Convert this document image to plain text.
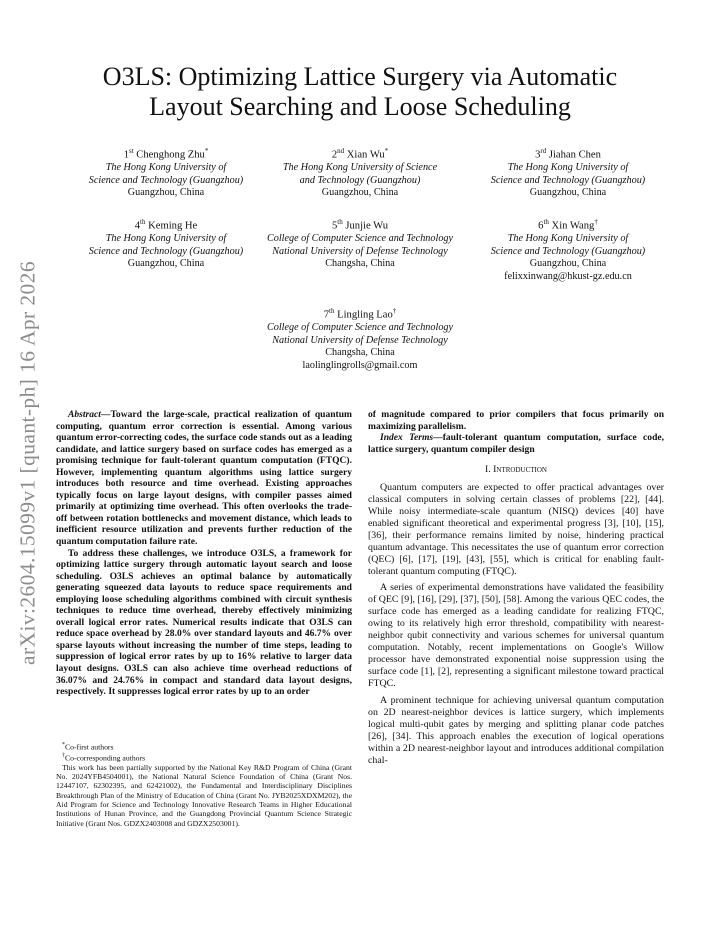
arXiv:2604.15099v1 [quant-ph] 16 Apr 2026
O3LS: Optimizing Lattice Surgery via Automatic
Layout Searching and Loose Scheduling
1st Chenghong Zhu*
The Hong Kong University of
Science and Technology (Guangzhou)
Guangzhou, China
2nd Xian Wu*
The Hong Kong University of Science
and Technology (Guangzhou)
Guangzhou, China
3rd Jiahan Chen
The Hong Kong University of
Science and Technology (Guangzhou)
Guangzhou, China
4th Keming He
The Hong Kong University of
Science and Technology (Guangzhou)
Guangzhou, China
5th Junjie Wu
College of Computer Science and Technology
National University of Defense Technology
Changsha, China
6th Xin Wang†
The Hong Kong University of
Science and Technology (Guangzhou)
Guangzhou, China
felixxinwang@hkust-gz.edu.cn
7th Lingling Lao†
College of Computer Science and Technology
National University of Defense Technology
Changsha, China
laolinglingrolls@gmail.com

Abstract—Toward the large-scale, practical realization of quantum computing, quantum error correction is essential. Among various quantum error-correcting codes, the surface code stands out as a leading candidate, and lattice surgery based on surface codes has emerged as a promising technique for fault-tolerant quantum computation (FTQC). However, implementing quantum algorithms using lattice surgery introduces both resource and time overhead. Existing approaches typically focus on large layout designs, with compiler passes aimed primarily at optimizing time overhead. This often overlooks the trade-off between rotation bottlenecks and movement distance, which leads to inefficient resource utilization and prevents further reduction of the quantum computation failure rate.

To address these challenges, we introduce O3LS, a framework for optimizing lattice surgery through automatic layout search and loose scheduling. O3LS achieves an optimal balance by automatically generating squeezed data layouts to reduce space requirements and employing loose scheduling algorithms combined with circuit synthesis techniques to reduce time overhead, thereby effectively minimizing overall logical error rates. Numerical results indicate that O3LS can reduce space overhead by 28.0% over standard layouts and 46.7% over sparse layouts without increasing the number of time steps, leading to suppression of logical error rates by up to 16% relative to larger data layout designs. O3LS can also achieve time overhead reductions of 36.07% and 24.76% in compact and standard data layout designs, respectively. It suppresses logical error rates by up to an order

*Co-first authors

†Co-corresponding authors

This work has been partially supported by the National Key R&D Program of China (Grant No. 2024YFB4504001), the National Natural Science Foundation of China (Grant Nos. 12447107, 62302395, and 62421002), the Fundamental and Interdisciplinary Disciplines Breakthrough Plan of the Ministry of Education of China (Grant No. JYB2025XDXM202), the Aid Program for Science and Technology Innovative Research Teams in Higher Educational Institutions of Hunan Province, and the Guangdong Provincial Quantum Science Strategic Initiative (Grant Nos. GDZX2403008 and GDZX2503001).

of magnitude compared to prior compilers that focus primarily on maximizing parallelism.

Index Terms—fault-tolerant quantum computation, surface code, lattice surgery, quantum compiler design

I. Introduction

Quantum computers are expected to offer practical advantages over classical computers in solving certain classes of problems [22], [44]. While noisy intermediate-scale quantum (NISQ) devices [40] have enabled significant theoretical and experimental progress [3], [10], [15], [36], their performance remains limited by noise, hindering practical quantum advantage. This necessitates the use of quantum error correction (QEC) [6], [17], [19], [43], [55], which is critical for enabling fault-tolerant quantum computing (FTQC).

A series of experimental demonstrations have validated the feasibility of QEC [9], [16], [29], [37], [50], [58]. Among the various QEC codes, the surface code has emerged as a leading candidate for realizing FTQC, owing to its relatively high error threshold, compatibility with nearest-neighbor qubit connectivity and various schemes for universal quantum computation. Notably, recent implementations on Google's Willow processor have demonstrated exponential noise suppression using the surface code [1], [2], representing a significant milestone toward practical FTQC.

A prominent technique for achieving universal quantum computation on 2D nearest-neighbor devices is lattice surgery, which implements logical multi-qubit gates by merging and splitting planar code patches [26], [34]. This approach enables the execution of logical operations within a 2D nearest-neighbor layout and introduces additional compilation chal-
